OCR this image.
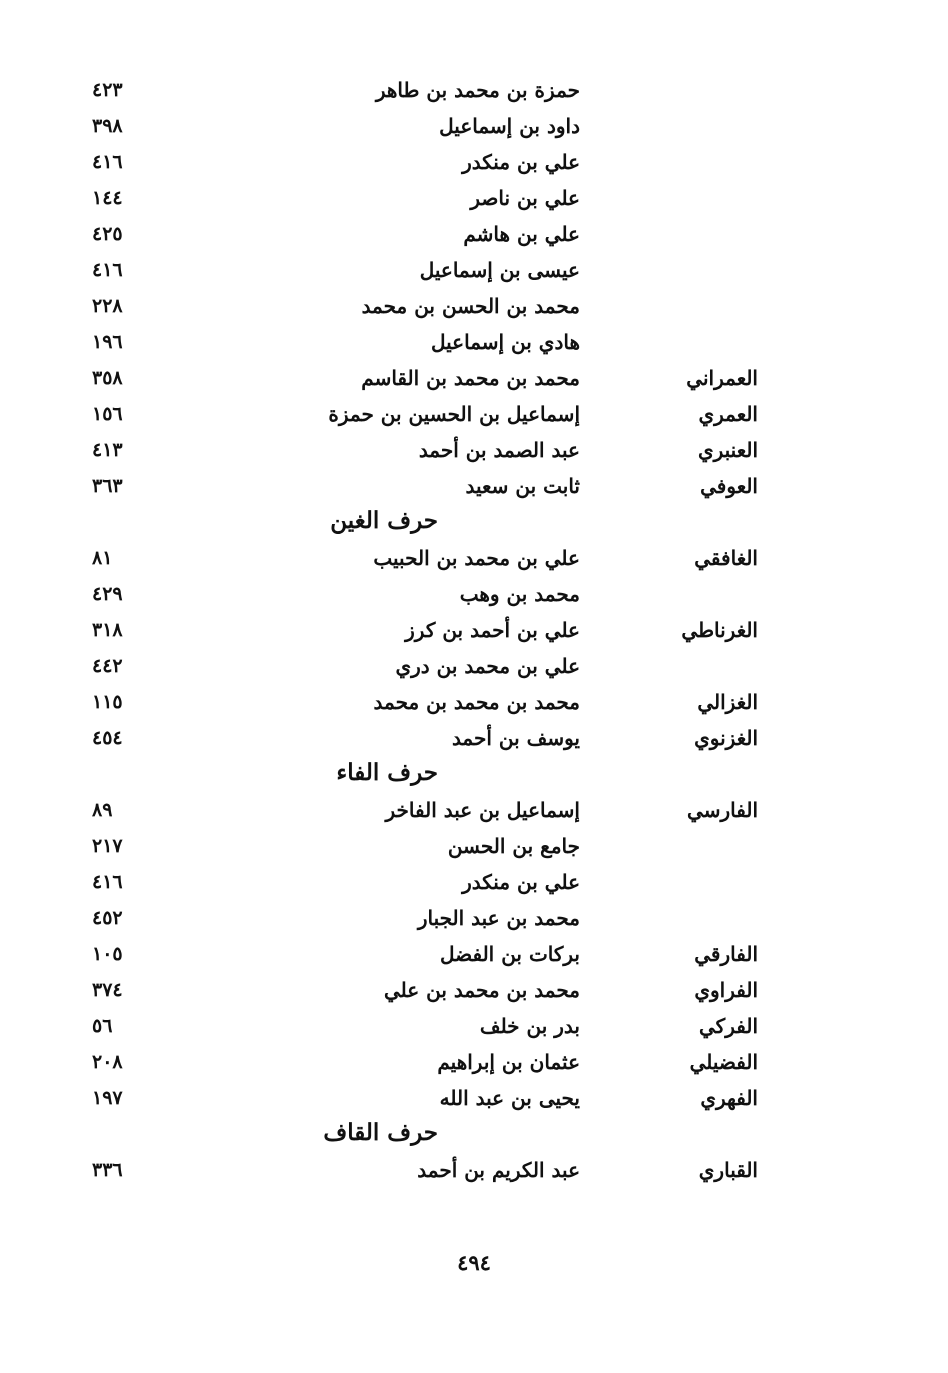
حمزة بن محمد بن طاهر
٤٢٣
داود بن إسماعيل
٣٩٨
علي بن منكدر
٤١٦
علي بن ناصر
١٤٤
علي بن هاشم
٤٢٥
عيسى بن إسماعيل
٤١٦
محمد بن الحسن بن محمد
٢٢٨
هادي بن إسماعيل
١٩٦
العمراني
محمد بن محمد بن القاسم
٣٥٨
العمري
إسماعيل بن الحسين بن حمزة
١٥٦
العنبري
عبد الصمد بن أحمد
٤١٣
العوفي
ثابت بن سعيد
٣٦٣
حرف الغين
الغافقي
علي بن محمد بن الحبيب
٨١
محمد بن وهب
٤٢٩
الغرناطي
علي بن أحمد بن كرز
٣١٨
علي بن محمد بن دري
٤٤٢
الغزالي
محمد بن محمد بن محمد
١١٥
الغزنوي
يوسف بن أحمد
٤٥٤
حرف الفاء
الفارسي
إسماعيل بن عبد الفاخر
٨٩
جامع بن الحسن
٢١٧
علي بن منكدر
٤١٦
محمد بن عبد الجبار
٤٥٢
الفارقي
بركات بن الفضل
١٠٥
الفراوي
محمد بن محمد بن علي
٣٧٤
الفركي
بدر بن خلف
٥٦
الفضيلي
عثمان بن إبراهيم
٢٠٨
الفهري
يحيى بن عبد الله
١٩٧
حرف القاف
القباري
عبد الكريم بن أحمد
٣٣٦
٤٩٤
